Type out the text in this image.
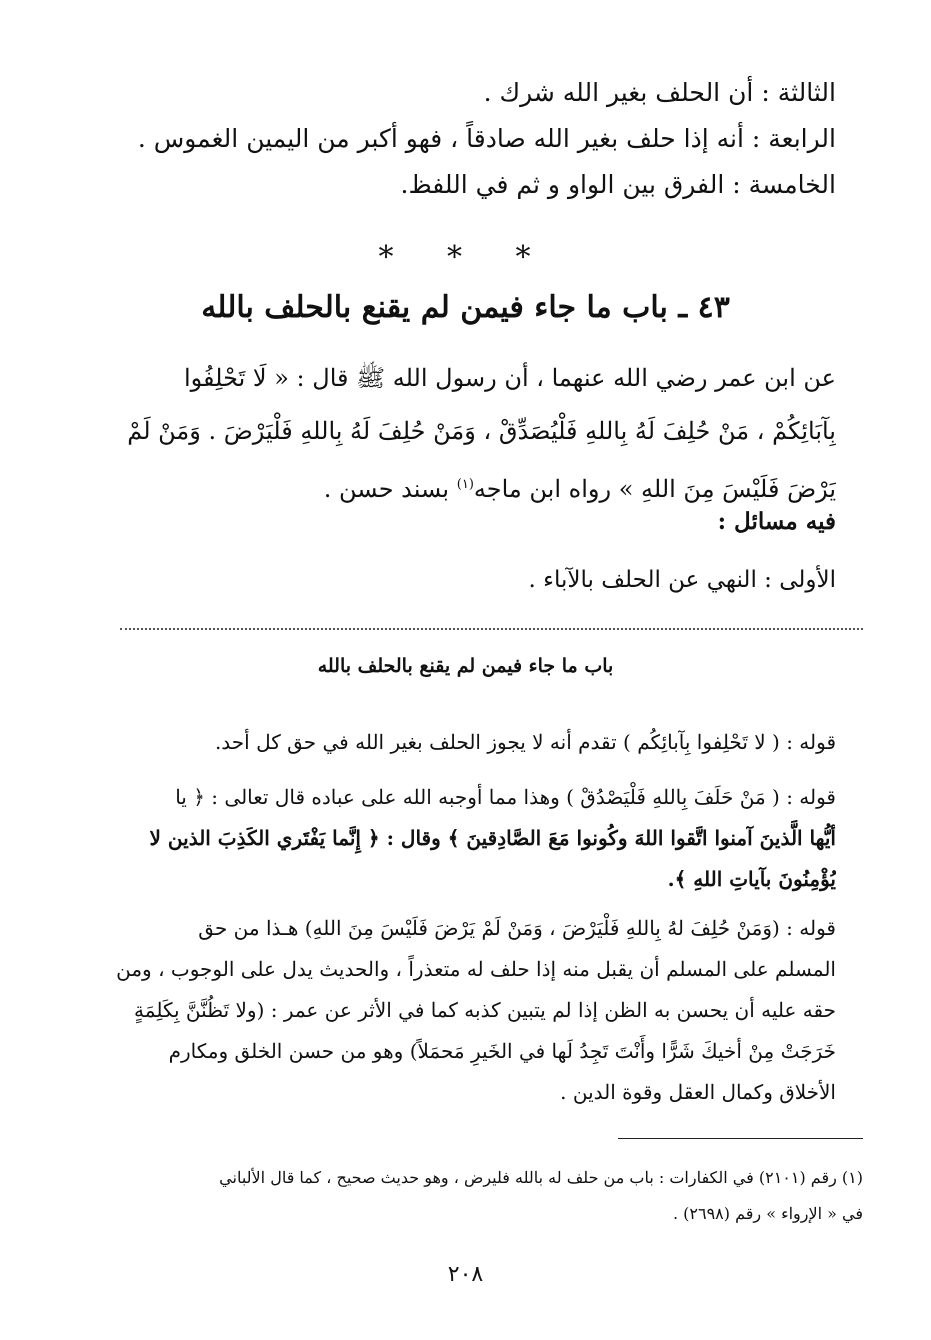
الثالثة : أن الحلف بغير الله شرك .
الرابعة : أنه إذا حلف بغير الله صادقاً ، فهو أكبر من اليمين الغموس .
الخامسة : الفرق بين الواو و ثم في اللفظ.
* * *
٤٣ ـ باب ما جاء فيمن لم يقنع بالحلف بالله
عن ابن عمر رضي الله عنهما ، أن رسول الله ﷺ قال : « لَا تَحْلِفُوا
بِآبَائِكُمْ ، مَنْ حُلِفَ لَهُ بِاللهِ فَلْيُصَدِّقْ ، وَمَنْ حُلِفَ لَهُ بِاللهِ فَلْيَرْضَ . وَمَنْ لَمْ
يَرْضَ فَلَيْسَ مِنَ اللهِ » رواه ابن ماجه$^{(١)}$ بسند حسن .
فيه مسائل :
الأولى : النهي عن الحلف بالآباء .
باب ما جاء فيمن لم يقنع بالحلف بالله
قوله : ( لا تَحْلِفوا بِآبائِكُم ) تقدم أنه لا يجوز الحلف بغير الله في حق كل أحد.
قوله : ( مَنْ حَلَفَ بِاللهِ فَلْيَصْدُقْ ) وهذا مما أوجبه الله على عباده قال تعالى : ﴿ يا
أيُّها الَّذينَ آمنوا اتَّقوا اللهَ وكُونوا مَعَ الصَّادِقينَ ﴾ وقال : ﴿ إِنَّما يَفْتَري الكَذِبَ الذين لا
يُؤْمِنُونَ بآياتِ اللهِ ﴾.
قوله : (وَمَنْ حُلِفَ لهُ بِاللهِ فَلْيَرْضَ ، وَمَنْ لَمْ يَرْضَ فَلَيْسَ مِنَ اللهِ) هـذا من حق
المسلم على المسلم أن يقبل منه إذا حلف له متعذراً ، والحديث يدل على الوجوب ، ومن
حقه عليه أن يحسن به الظن إذا لم يتبين كذبه كما في الأثر عن عمر : (ولا تَظُنَّنَّ بِكَلِمَةٍ
خَرَجَتْ مِنْ أخيكَ شَرًّا وأَنْتَ تَجِدُ لَها في الخَيرِ مَحمَلاً) وهو من حسن الخلق ومكارم
الأخلاق وكمال العقل وقوة الدين .
(١) رقم (٢١٠١) في الكفارات : باب من حلف له بالله فليرض ، وهو حديث صحيح ، كما قال الألباني
في « الإرواء » رقم (٢٦٩٨) .
٢٠٨
